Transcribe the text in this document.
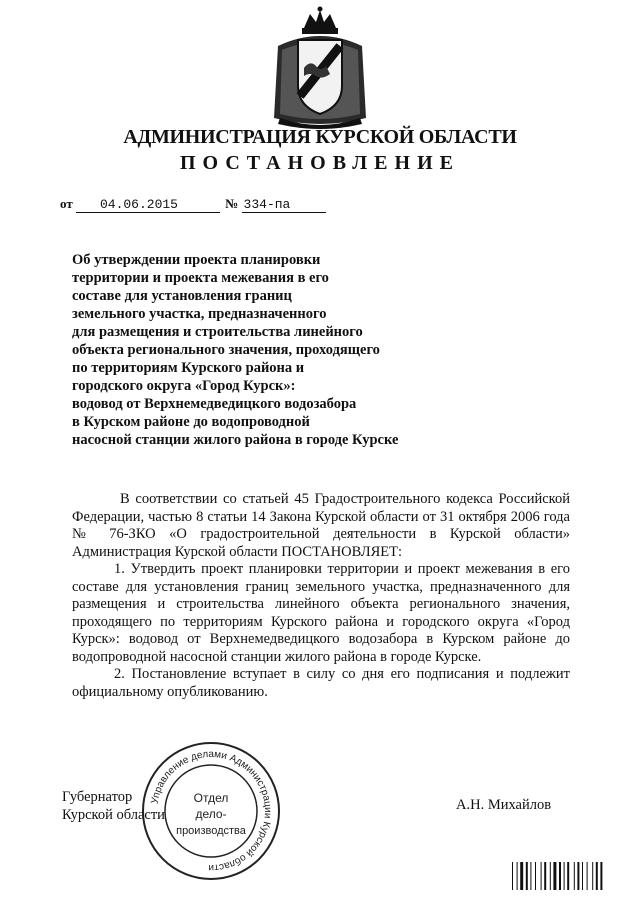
АДМИНИСТРАЦИЯ КУРСКОЙ ОБЛАСТИ
ПОСТАНОВЛЕНИЕ
от 04.06.2015	№ 334-па
Об утверждении проекта планировки
территории и проекта межевания в его
составе для установления границ
земельного участка, предназначенного
для размещения и строительства линейного
объекта регионального значения, проходящего
по территориям Курского района и
городского округа «Город Курск»:
водовод от Верхнемедведицкого водозабора
в Курском районе до водопроводной
насосной станции жилого района в городе Курске

В соответствии со статьей 45 Градостроительного кодекса Российской Федерации, частью 8 статьи 14 Закона Курской области от 31 октября 2006 года № 76-ЗКО «О градостроительной деятельности в Курской области» Администрация Курской области ПОСТАНОВЛЯЕТ:

1. Утвердить проект планировки территории и проект межевания в его составе для установления границ земельного участка, предназначенного для размещения и строительства линейного объекта регионального значения, проходящего по территориям Курского района и городского округа «Город Курск»: водовод от Верхнемедведицкого водозабора в Курском районе до водопроводной насосной станции жилого района в городе Курске.

2. Постановление вступает в силу со дня его подписания и подлежит официальному опубликованию.

Губернатор
Курской области
Управление делами Администрации Курской области
Отдел
дело-
производства
А.Н. Михайлов
